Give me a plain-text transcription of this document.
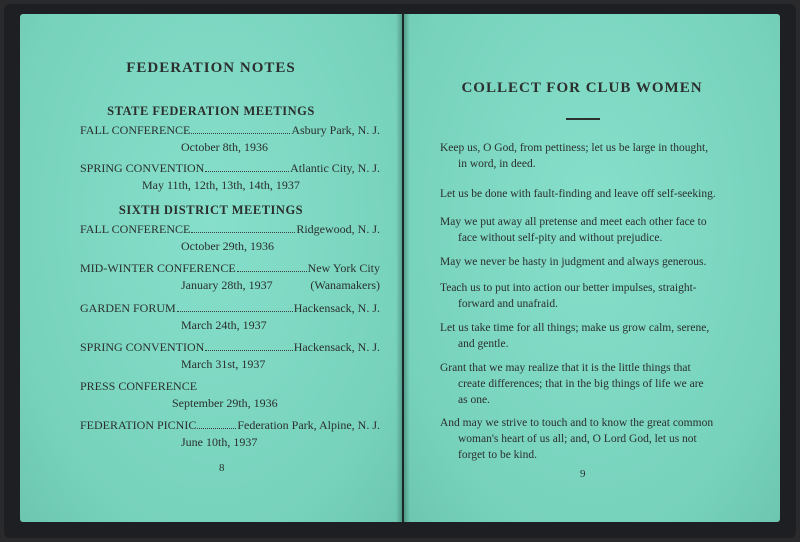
FEDERATION NOTES
STATE FEDERATION MEETINGS
FALL CONFERENCE	Asbury Park, N. J.
October 8th, 1936
SPRING CONVENTION	Atlantic City, N. J.
May 11th, 12th, 13th, 14th, 1937
SIXTH DISTRICT MEETINGS
FALL CONFERENCE	Ridgewood, N. J.
October 29th, 1936
MID-WINTER CONFERENCE	New York City
January 28th, 1937	(Wanamakers)
GARDEN FORUM	Hackensack, N. J.
March 24th, 1937
SPRING CONVENTION	Hackensack, N. J.
March 31st, 1937
PRESS CONFERENCE
September 29th, 1936
FEDERATION PICNIC	Federation Park, Alpine, N. J.
June 10th, 1937
8
COLLECT FOR CLUB WOMEN
Keep us, O God, from pettiness; let us be large in thought,
in word, in deed.
Let us be done with fault-finding and leave off self-seeking.
May we put away all pretense and meet each other face to
face without self-pity and without prejudice.
May we never be hasty in judgment and always generous.
Teach us to put into action our better impulses, straight-
forward and unafraid.
Let us take time for all things; make us grow calm, serene,
and gentle.
Grant that we may realize that it is the little things that
create differences; that in the big things of life we are
as one.
And may we strive to touch and to know the great common
woman's heart of us all; and, O Lord God, let us not
forget to be kind.
9
